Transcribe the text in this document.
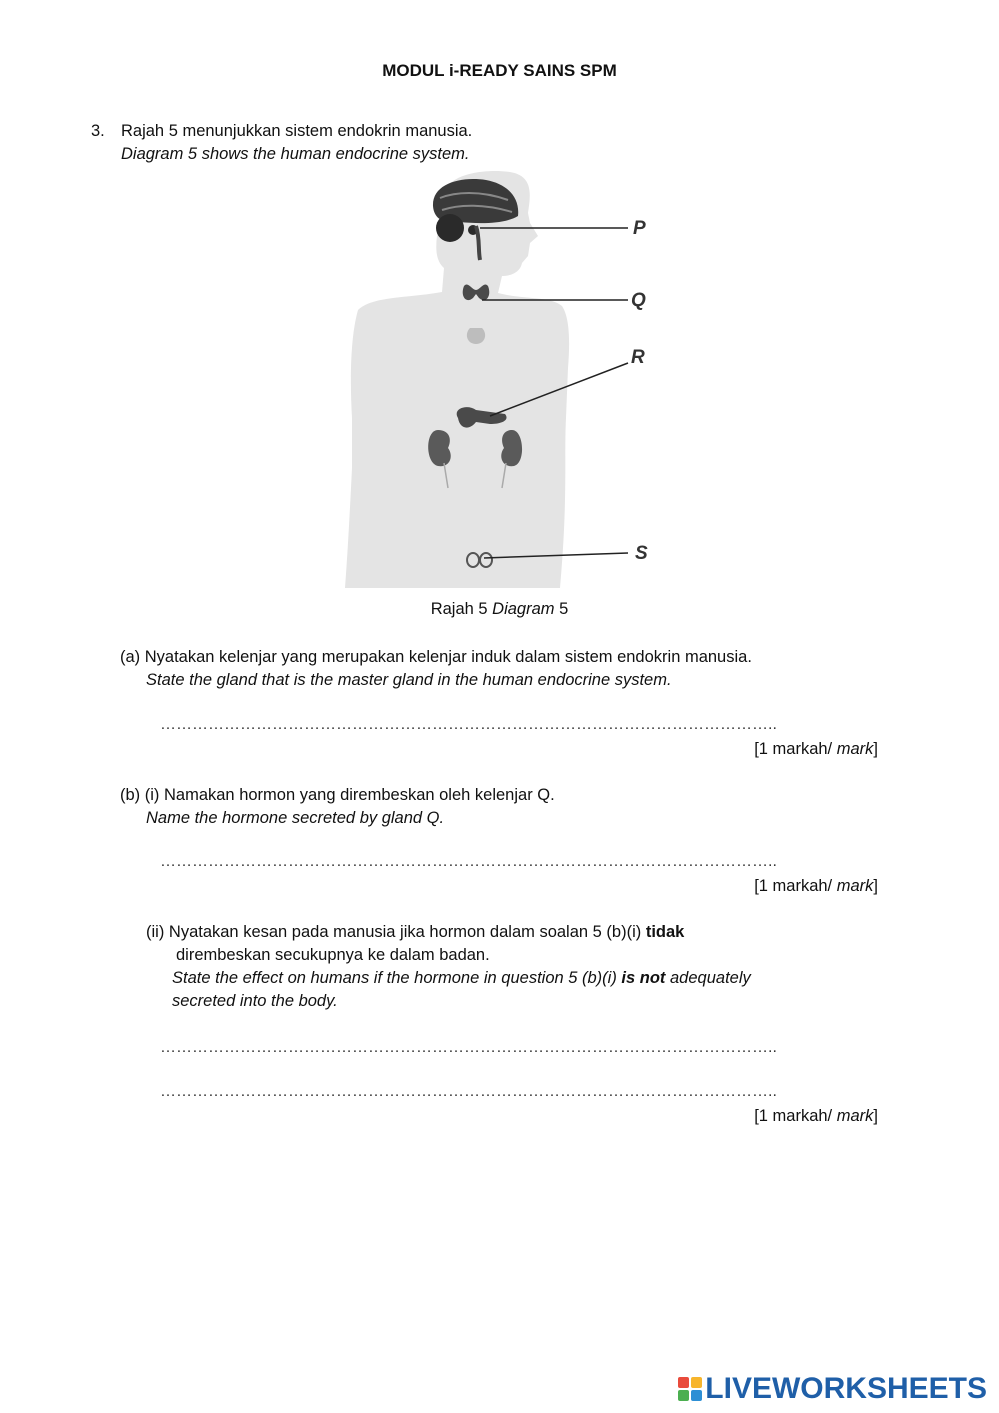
MODUL i-READY SAINS SPM
3. Rajah 5 menunjukkan sistem endokrin manusia.
Diagram 5 shows the human endocrine system.
P
Q
R
S
Rajah 5 Diagram 5
(a) Nyatakan kelenjar yang merupakan kelenjar induk dalam sistem endokrin manusia.
State the gland that is the master gland in the human endocrine system.
……………………………………………………………………………………………………..
[1 markah/ mark]
(b) (i) Namakan hormon yang dirembeskan oleh kelenjar Q.
Name the hormone secreted by gland Q.
……………………………………………………………………………………………………..
[1 markah/ mark]
(ii) Nyatakan kesan pada manusia jika hormon dalam soalan 5 (b)(i) tidak
dirembeskan secukupnya ke dalam badan.
State the effect on humans if the hormone in question 5 (b)(i) is not adequately
secreted into the body.
……………………………………………………………………………………………………..
……………………………………………………………………………………………………..
[1 markah/ mark]
LIVEWORKSHEETS
